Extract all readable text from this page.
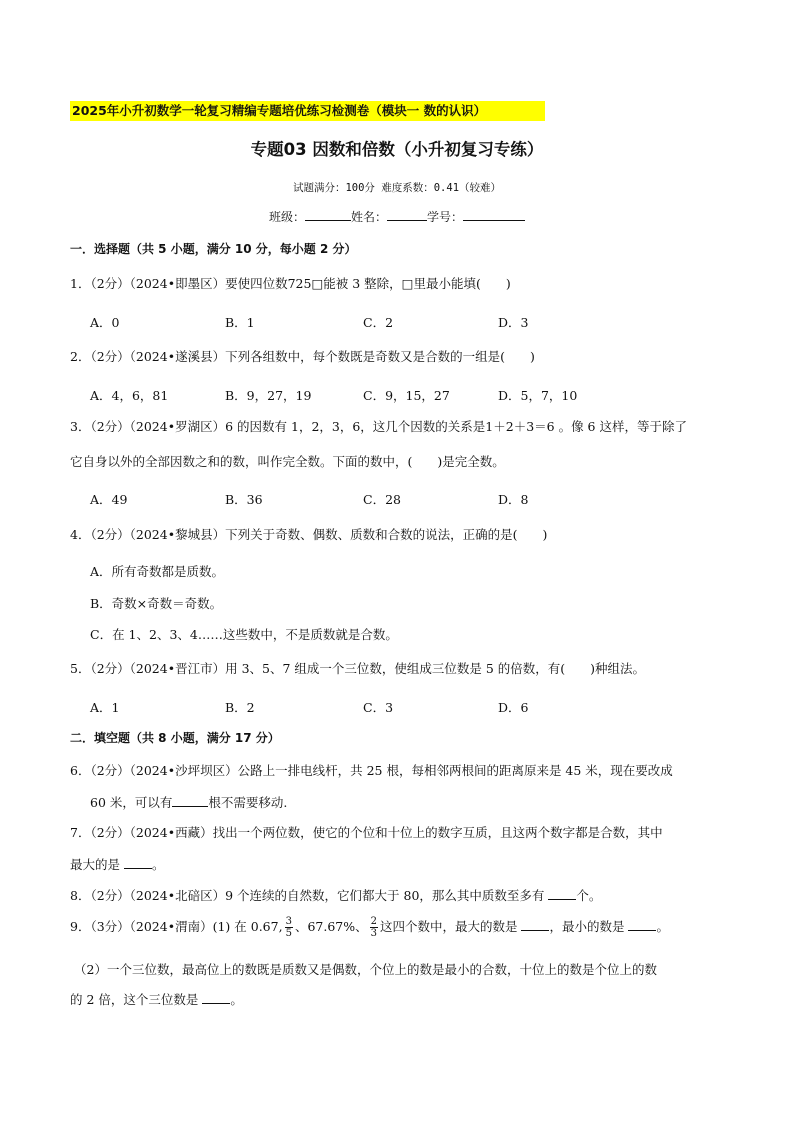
2025年小升初数学一轮复习精编专题培优练习检测卷（模块一 数的认识）
专题03 因数和倍数（小升初复习专练）
试题满分：100分 难度系数：0.41（较难）
班级：	姓名：	学号：
一．选择题（共 5 小题，满分 10 分，每小题 2 分）
1．（2分）（2024•即墨区）要使四位数725□能被 3 整除，□里最小能填(　　)
A．0	B．1	C．2	D．3
2．（2分）（2024•遂溪县）下列各组数中，每个数既是奇数又是合数的一组是(　　)
A．4，6，81	B．9，27，19	C．9，15，27	D．5，7，10
3．（2分）（2024•罗湖区）6 的因数有 1，2，3，6，这几个因数的关系是1＋2＋3＝6 。像 6 这样，等于除了
它自身以外的全部因数之和的数，叫作完全数。下面的数中，(　　)是完全数。
A．49	B．36	C．28	D．8
4．（2分）（2024•黎城县）下列关于奇数、偶数、质数和合数的说法，正确的是(　　)
A．所有奇数都是质数。
B．奇数×奇数＝奇数。
C．在 1、2、3、4……这些数中，不是质数就是合数。
5．（2分）（2024•晋江市）用 3、5、7 组成一个三位数，使组成三位数是 5 的倍数，有(　　)种组法。
A．1	B．2	C．3	D．6
二．填空题（共 8 小题，满分 17 分）
6．（2分）（2024•沙坪坝区）公路上一排电线杆，共 25 根，每相邻两根间的距离原来是 45 米，现在要改成
60 米，可以有	根不需要移动.
7．（2分）（2024•西藏）找出一个两位数，使它的个位和十位上的数字互质，且这两个数字都是合数，其中
最大的是 。
8．（2分）（2024•北碚区）9 个连续的自然数，它们都大于 80，那么其中质数至多有 个。
9．（3分）（2024•渭南）(1) 在 0.67, $\frac{3}{5}$ 、67.67%、 $\frac{2}{3}$ 这四个数中，最大的数是 ，最小的数是 。
（2）一个三位数，最高位上的数既是质数又是偶数，个位上的数是最小的合数，十位上的数是个位上的数
的 2 倍，这个三位数是 。
